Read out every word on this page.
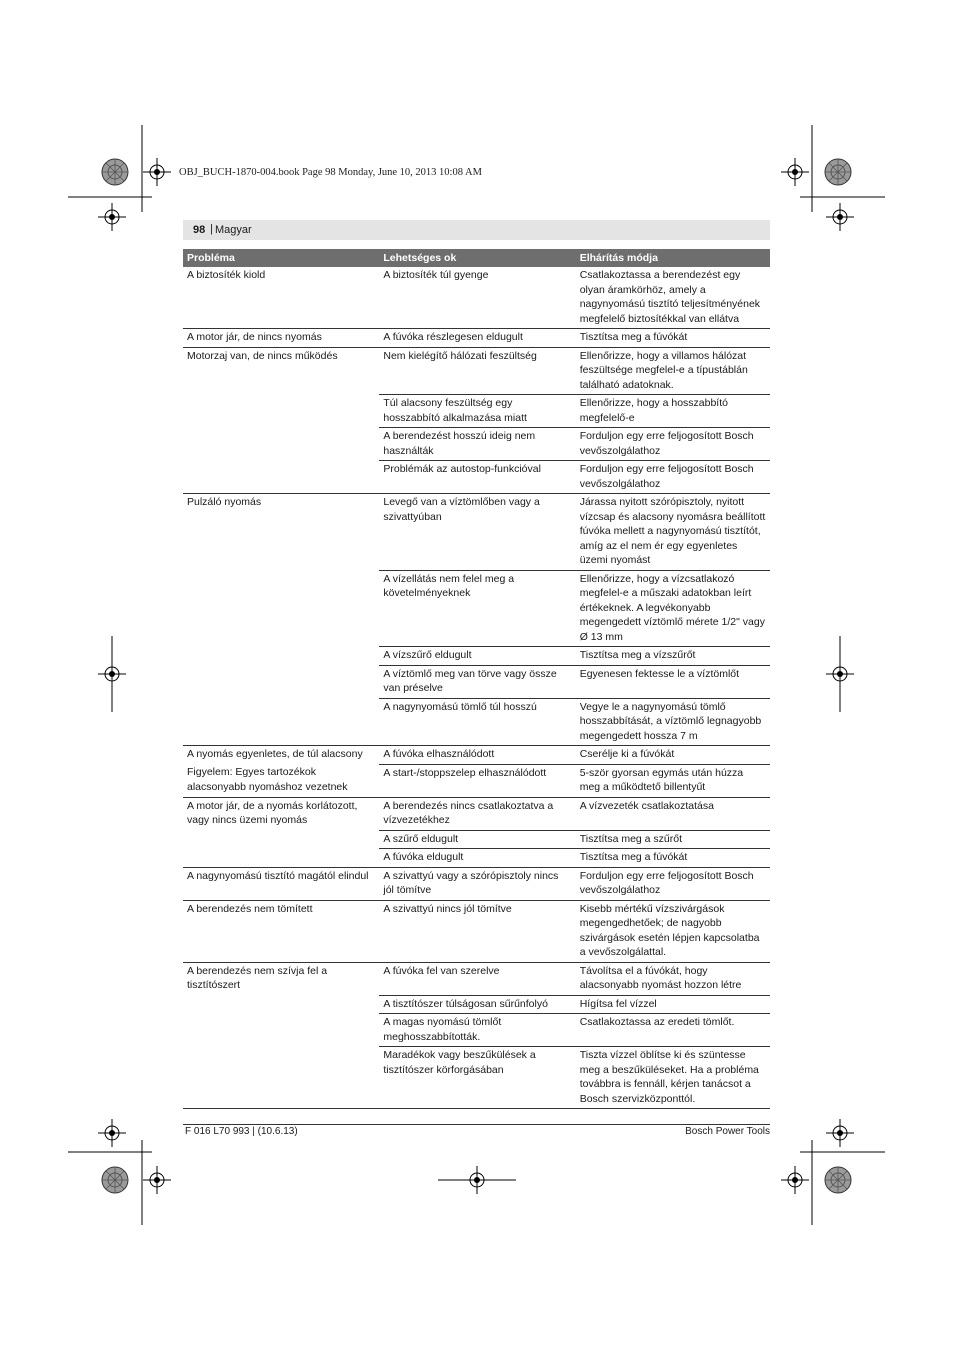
OBJ_BUCH-1870-004.book Page 98 Monday, June 10, 2013 10:08 AM
98 | Magyar
Probléma	Lehetséges ok	Elhárítás módja
A biztosíték kiold	A biztosíték túl gyenge	Csatlakoztassa a berendezést egy olyan áramkörhöz, amely a nagynyomású tisztító teljesítményének megfelelő biztosítékkal van ellátva
A motor jár, de nincs nyomás	A fúvóka részlegesen eldugult	Tisztítsa meg a fúvókát
Motorzaj van, de nincs működés	Nem kielégítő hálózati feszültség	Ellenőrizze, hogy a villamos hálózat feszültsége megfelel-e a típustáblán található adatoknak.
	Túl alacsony feszültség egy hosszabbító alkalmazása miatt	Ellenőrizze, hogy a hosszabbító megfelelő-e
	A berendezést hosszú ideig nem használták	Forduljon egy erre feljogosított Bosch vevőszolgálathoz
	Problémák az autostop-funkcióval	Forduljon egy erre feljogosított Bosch vevőszolgálathoz
Pulzáló nyomás	Levegő van a víztömlőben vagy a szivattyúban	Járassa nyitott szórópisztoly, nyitott vízcsap és alacsony nyomásra beállított fúvóka mellett a nagynyomású tisztítót, amíg az el nem ér egy egyenletes üzemi nyomást
	A vízellátás nem felel meg a követelményeknek	Ellenőrizze, hogy a vízcsatlakozó megfelel-e a műszaki adatokban leírt értékeknek. A legvékonyabb megengedett víztömlő mérete 1/2" vagy Ø 13 mm
	A vízszűrő eldugult	Tisztítsa meg a vízszűrőt
	A víztömlő meg van törve vagy össze van préselve	Egyenesen fektesse le a víztömlőt
	A nagynyomású tömlő túl hosszú	Vegye le a nagynyomású tömlő hosszabbítását, a víztömlő legnagyobb megengedett hossza 7 m
A nyomás egyenletes, de túl alacsony	A fúvóka elhasználódott	Cserélje ki a fúvókát
Figyelem: Egyes tartozékok alacsonyabb nyomáshoz vezetnek	A start-/stoppszelep elhasználódott	5-ször gyorsan egymás után húzza meg a működtető billentyűt
A motor jár, de a nyomás korlátozott, vagy nincs üzemi nyomás	A berendezés nincs csatlakoztatva a vízvezetékhez	A vízvezeték csatlakoztatása
	A szűrő eldugult	Tisztítsa meg a szűrőt
	A fúvóka eldugult	Tisztítsa meg a fúvókát
A nagynyomású tisztító magától elindul	A szivattyú vagy a szórópisztoly nincs jól tömítve	Forduljon egy erre feljogosított Bosch vevőszolgálathoz
A berendezés nem tömített	A szivattyú nincs jól tömítve	Kisebb mértékű vízszivárgások megengedhetőek; de nagyobb szivárgások esetén lépjen kapcsolatba a vevőszolgálattal.
A berendezés nem szívja fel a tisztítószert	A fúvóka fel van szerelve	Távolítsa el a fúvókát, hogy alacsonyabb nyomást hozzon létre
	A tisztítószer túlságosan sűrűnfolyó	Hígítsa fel vízzel
	A magas nyomású tömlőt meghosszabbították.	Csatlakoztassa az eredeti tömlőt.
	Maradékok vagy beszűkülések a tisztítószer körforgásában	Tiszta vízzel öblítse ki és szüntesse meg a beszűküléseket. Ha a probléma továbbra is fennáll, kérjen tanácsot a Bosch szervizközponttól.
F 016 L70 993 | (10.6.13)	Bosch Power Tools
